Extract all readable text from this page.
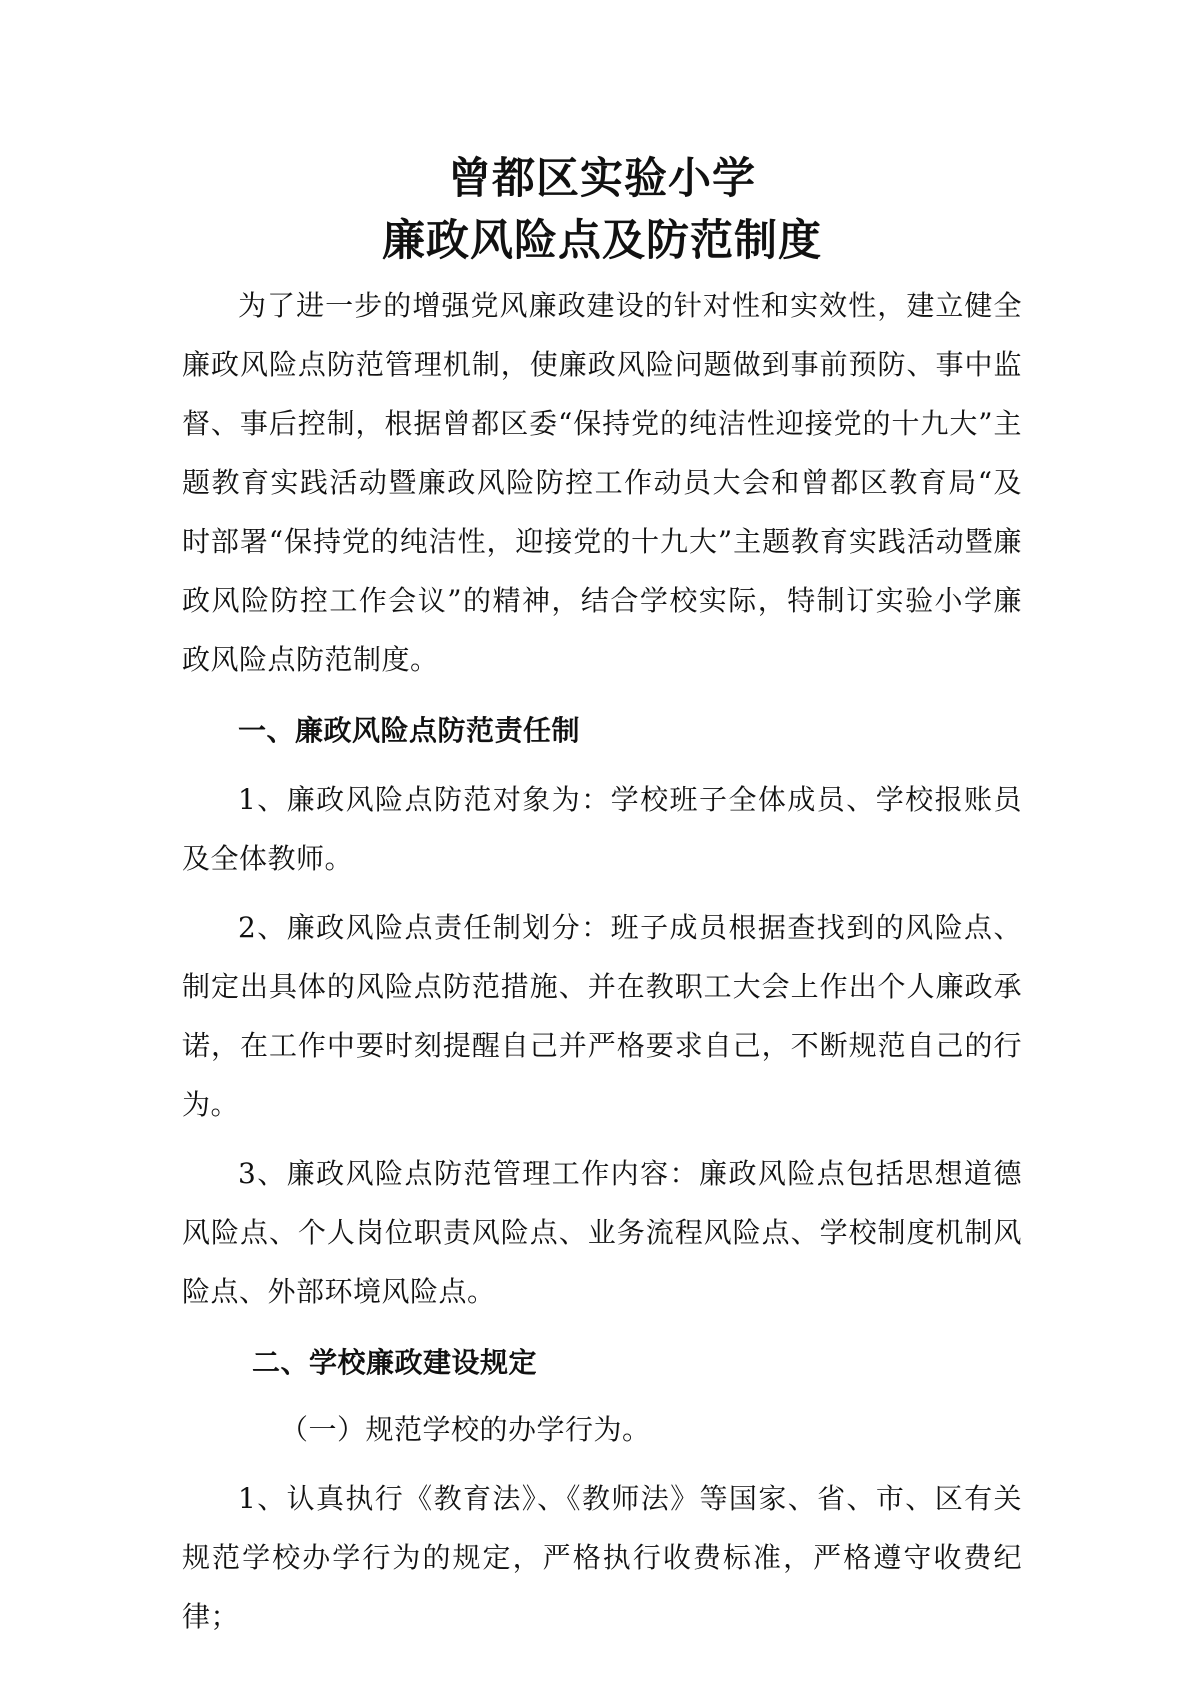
曾都区实验小学
廉政风险点及防范制度

为了进一步的增强党风廉政建设的针对性和实效性，建立健全廉政风险点防范管理机制，使廉政风险问题做到事前预防、事中监督、事后控制，根据曾都区委“保持党的纯洁性迎接党的十九大”主题教育实践活动暨廉政风险防控工作动员大会和曾都区教育局“及时部署“保持党的纯洁性，迎接党的十九大”主题教育实践活动暨廉政风险防控工作会议”的精神，结合学校实际，特制订实验小学廉政风险点防范制度。

一、廉政风险点防范责任制

1、廉政风险点防范对象为：学校班子全体成员、学校报账员及全体教师。

2、廉政风险点责任制划分：班子成员根据查找到的风险点、制定出具体的风险点防范措施、并在教职工大会上作出个人廉政承诺，在工作中要时刻提醒自己并严格要求自己，不断规范自己的行为。

3、廉政风险点防范管理工作内容：廉政风险点包括思想道德风险点、个人岗位职责风险点、业务流程风险点、学校制度机制风险点、外部环境风险点。

二、学校廉政建设规定

（一）规范学校的办学行为。

1、认真执行《教育法》、《教师法》等国家、省、市、区有关规范学校办学行为的规定，严格执行收费标准，严格遵守收费纪律；
